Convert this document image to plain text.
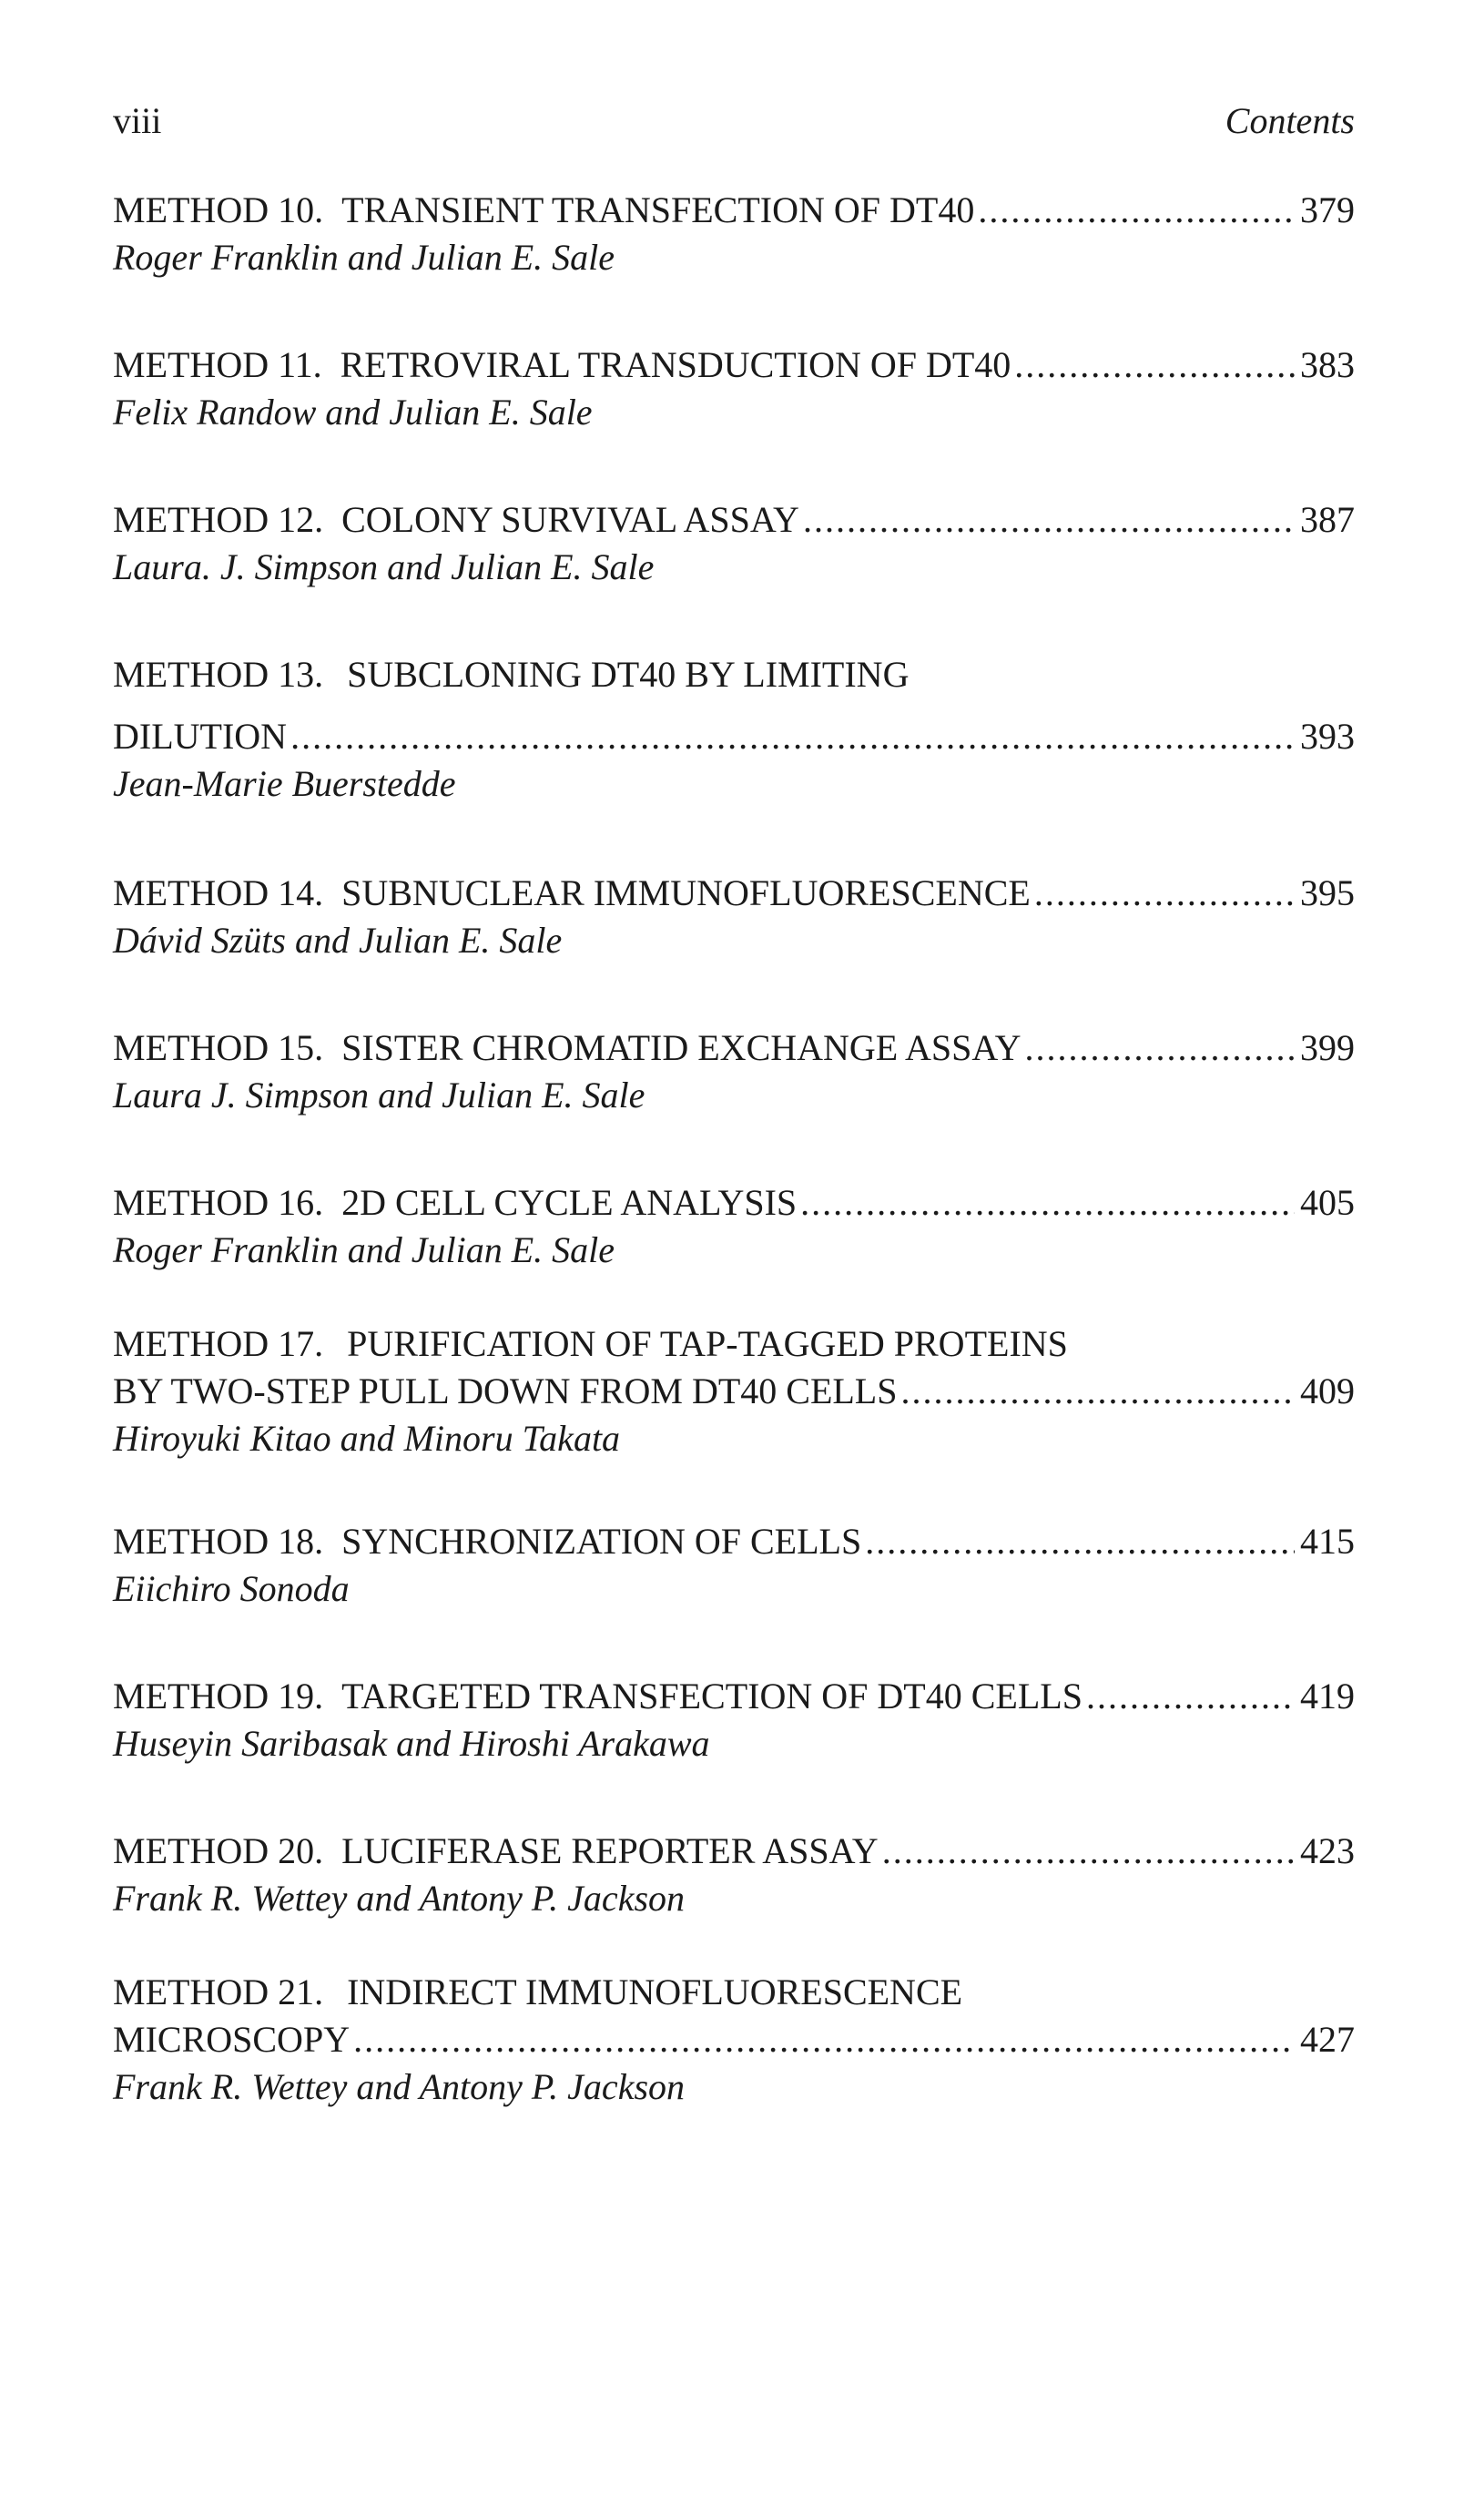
viii	Contents
METHOD 10. TRANSIENT TRANSFECTION OF DT40 .....	379
Roger Franklin and Julian E. Sale
METHOD 11. RETROVIRAL TRANSDUCTION OF DT40 .....	383
Felix Randow and Julian E. Sale
METHOD 12. COLONY SURVIVAL ASSAY .....	387
Laura. J. Simpson and Julian E. Sale
METHOD 13. SUBCLONING DT40 BY LIMITING
DILUTION .....	393
Jean-Marie Buerstedde
METHOD 14. SUBNUCLEAR IMMUNOFLUORESCENCE .....	395
Dávid Szüts and Julian E. Sale
METHOD 15. SISTER CHROMATID EXCHANGE ASSAY .....	399
Laura J. Simpson and Julian E. Sale
METHOD 16. 2D CELL CYCLE ANALYSIS .....	405
Roger Franklin and Julian E. Sale
METHOD 17. PURIFICATION OF TAP-TAGGED PROTEINS
BY TWO-STEP PULL DOWN FROM DT40 CELLS .....	409
Hiroyuki Kitao and Minoru Takata
METHOD 18. SYNCHRONIZATION OF CELLS .....	415
Eiichiro Sonoda
METHOD 19. TARGETED TRANSFECTION OF DT40 CELLS .....	419
Huseyin Saribasak and Hiroshi Arakawa
METHOD 20. LUCIFERASE REPORTER ASSAY .....	423
Frank R. Wettey and Antony P. Jackson
METHOD 21. INDIRECT IMMUNOFLUORESCENCE
MICROSCOPY .....	427
Frank R. Wettey and Antony P. Jackson
